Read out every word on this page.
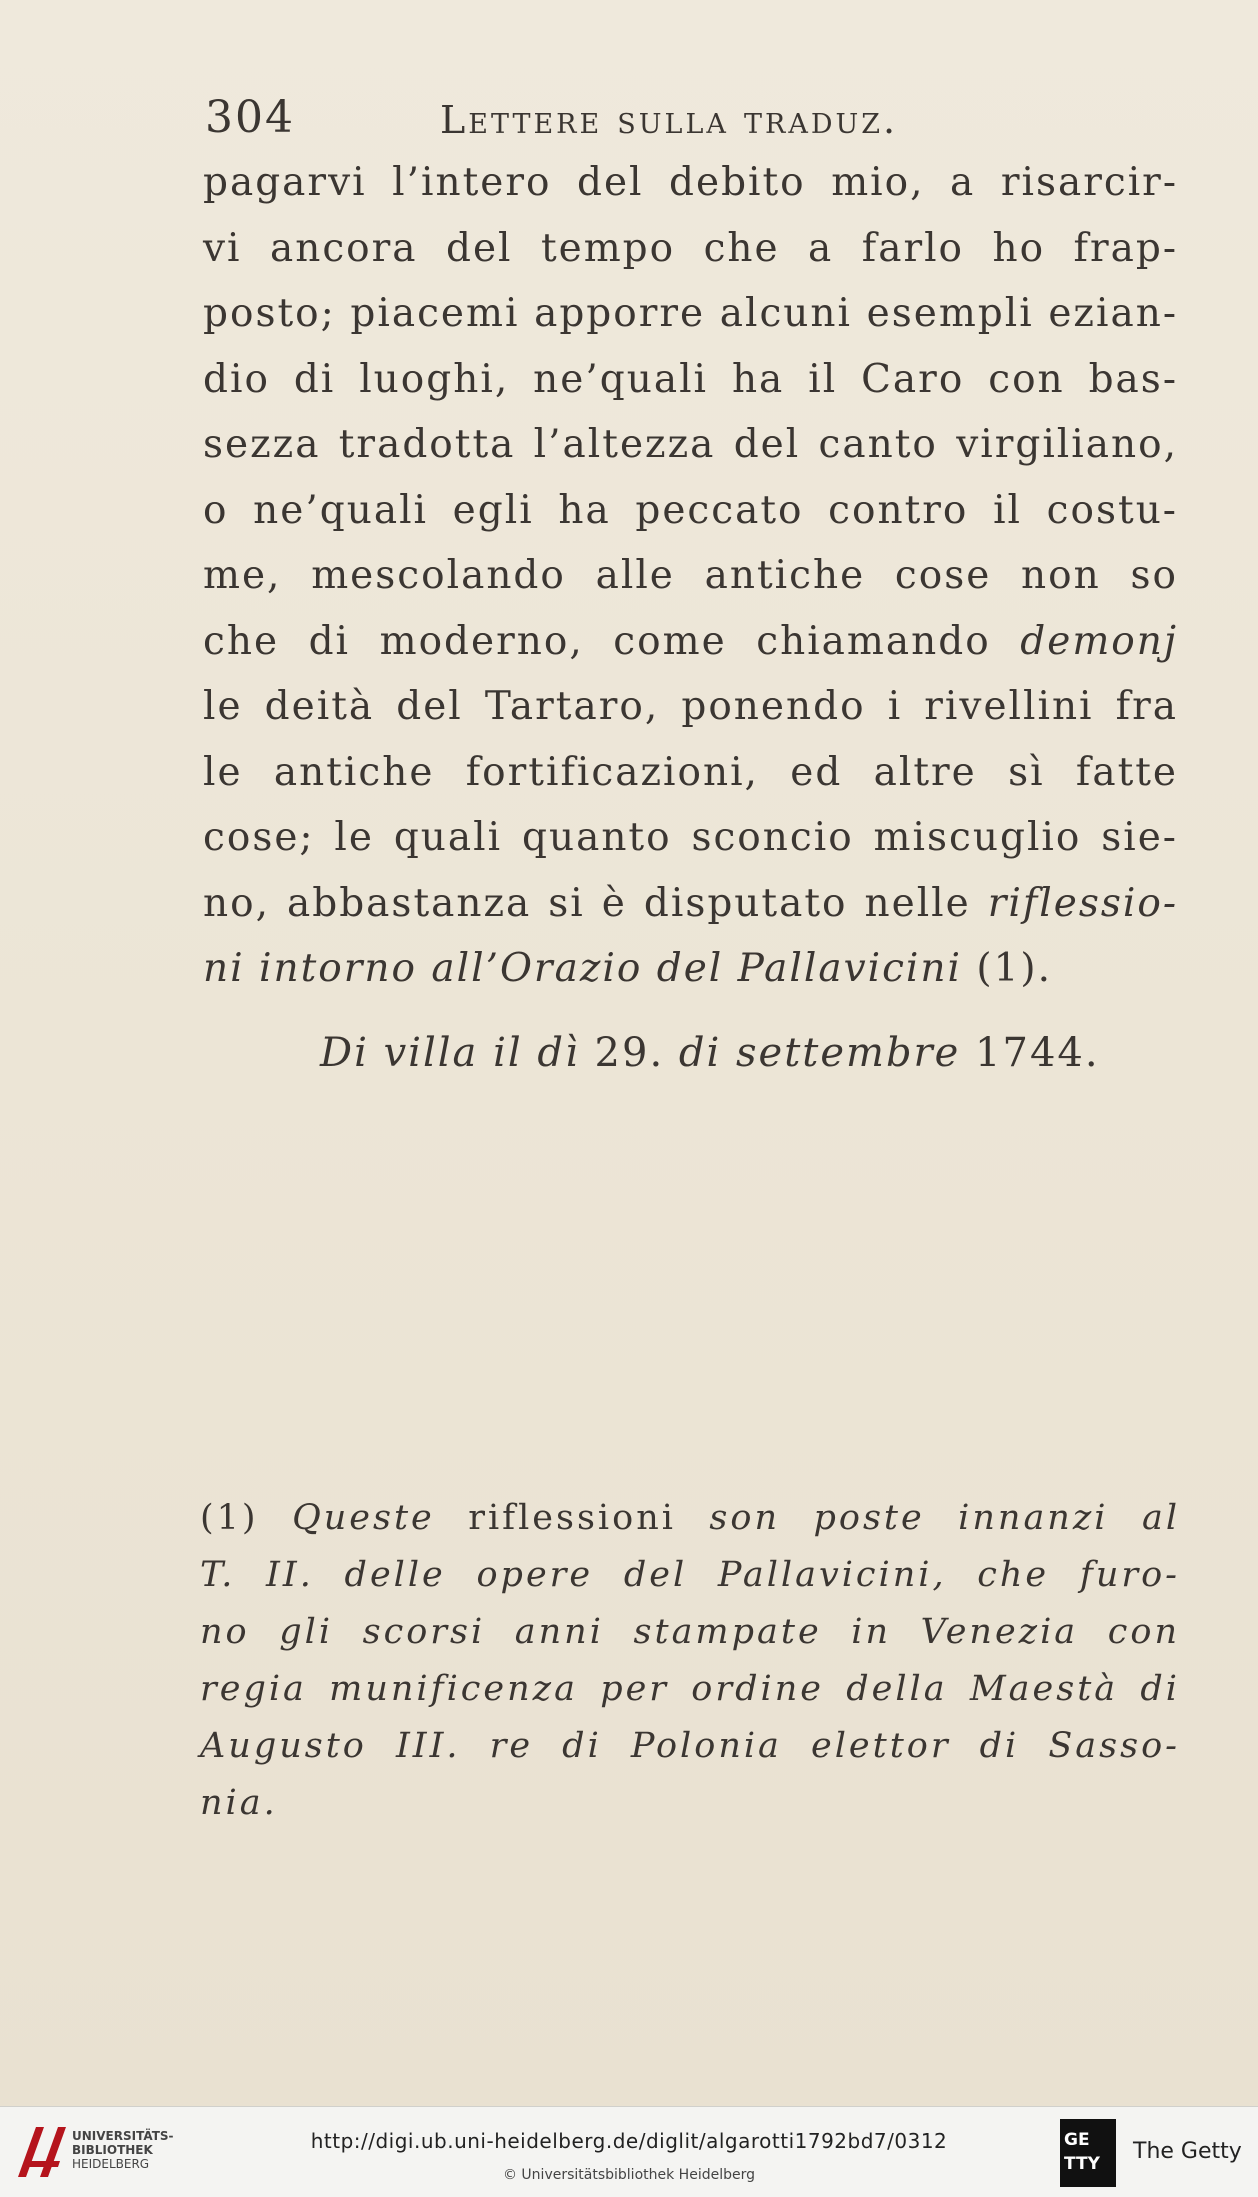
304	Lettere sulla traduz.
pagarvi l’intero del debito mio, a risarcir-
vi ancora del tempo che a farlo ho frap-
posto; piacemi apporre alcuni esempli ezian-
dio di luoghi, ne’quali ha il Caro con bas-
sezza tradotta l’altezza del canto virgiliano,
o ne’quali egli ha peccato contro il costu-
me, mescolando alle antiche cose non so
che di moderno, come chiamando demonj
le deità del Tartaro, ponendo i rivellini fra
le antiche fortificazioni, ed altre sì fatte
cose; le quali quanto sconcio miscuglio sie-
no, abbastanza si è disputato nelle riflessio-
ni intorno all’Orazio del Pallavicini (1).
Di villa il dì 29. di settembre 1744.
(1) Queste riflessioni son poste innanzi al
T. II. delle opere del Pallavicini, che furo-
no gli scorsi anni stampate in Venezia con
regia munificenza per ordine della Maestà di
Augusto III. re di Polonia elettor di Sasso-
nia.
UNIVERSITÄTS-
BIBLIOTHEK
HEIDELBERG
http://digi.ub.uni-heidelberg.de/diglit/algarotti1792bd7/0312
© Universitätsbibliothek Heidelberg
GE
TTY The Getty
